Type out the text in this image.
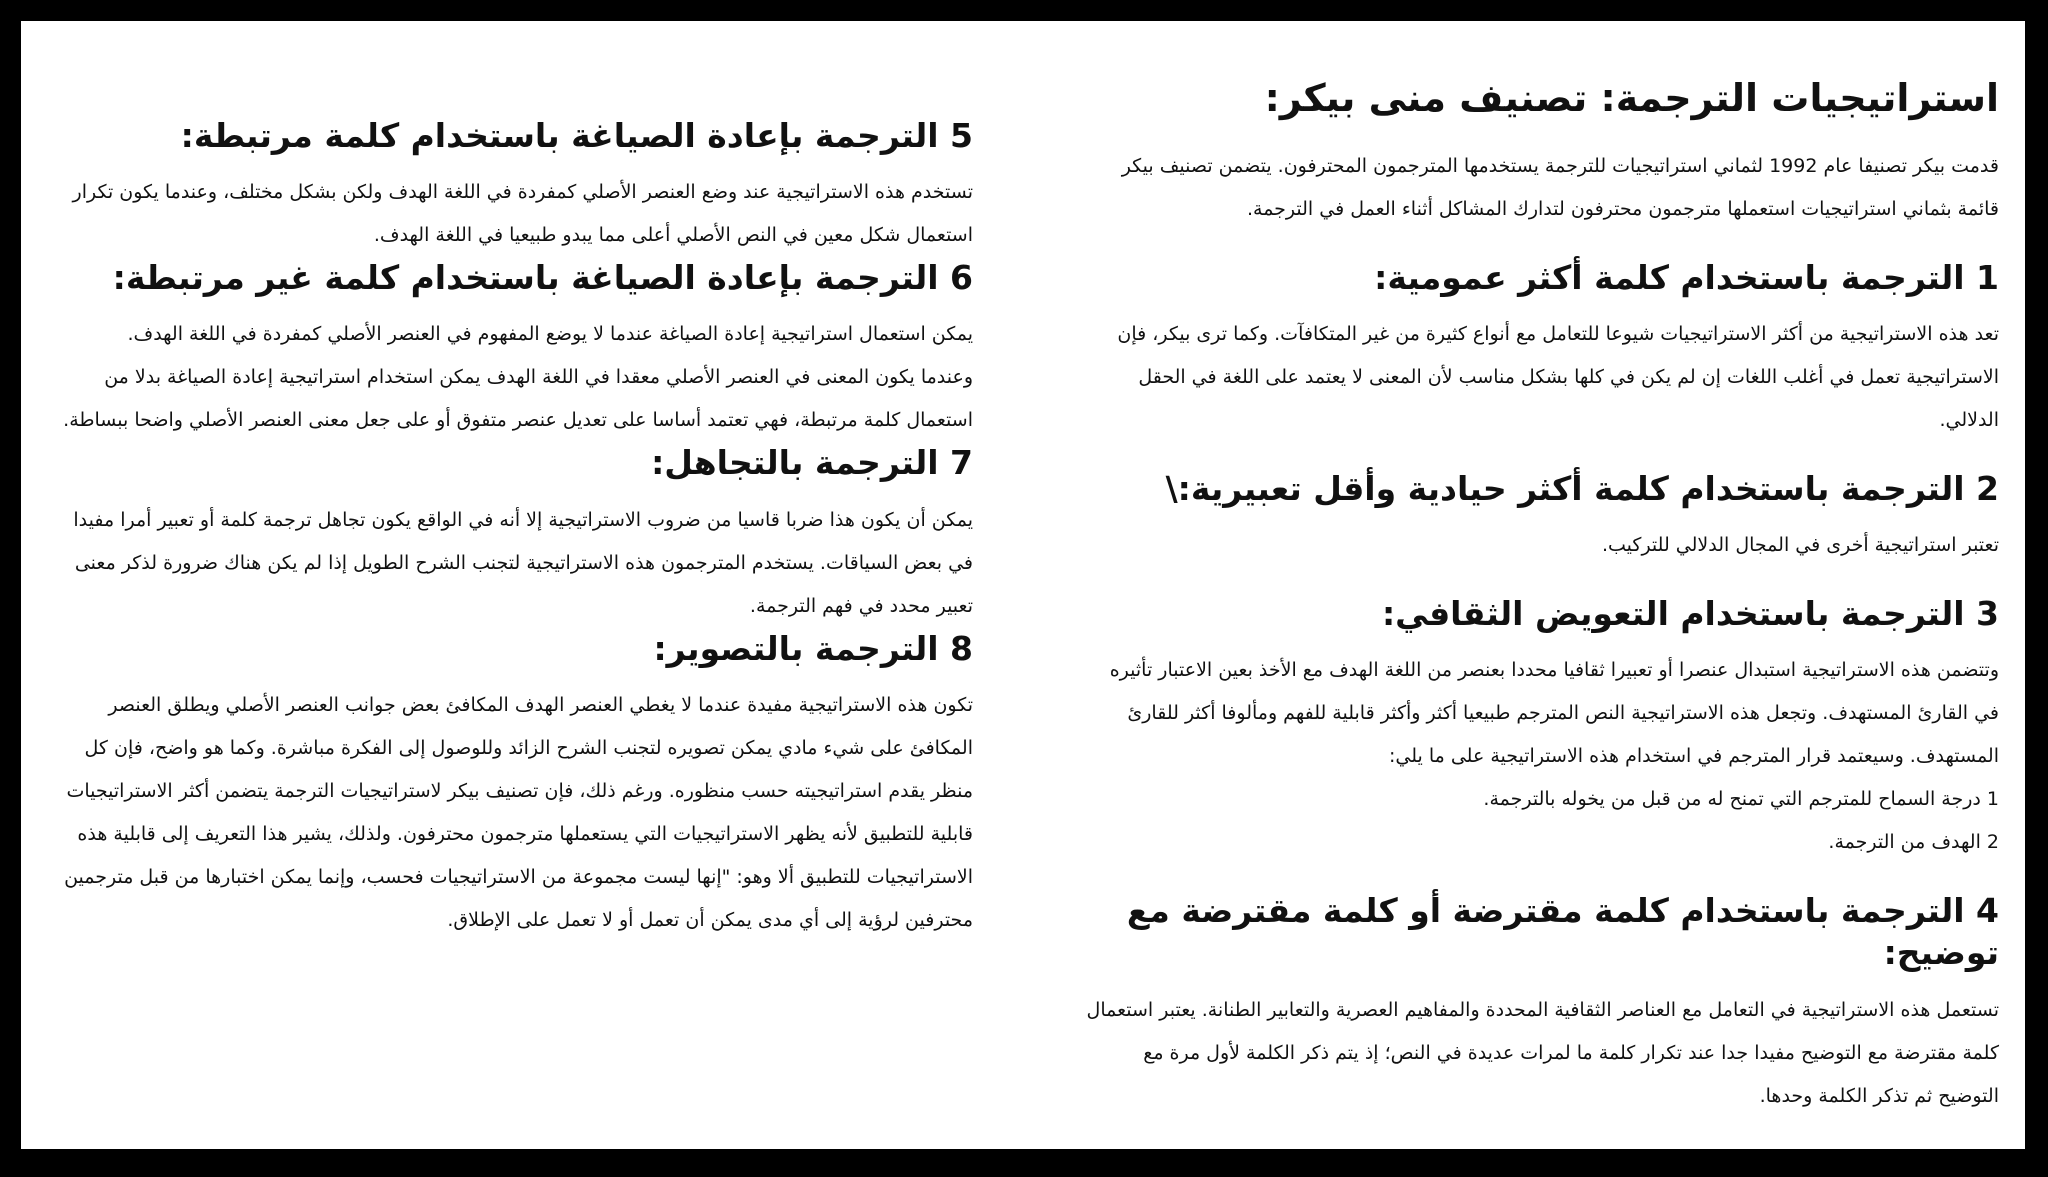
استراتيجيات الترجمة: تصنيف منى بيكر:

قدمت بيكر تصنيفا عام 1992 لثماني استراتيجيات للترجمة يستخدمها المترجمون المحترفون. يتضمن تصنيف بيكر قائمة بثماني استراتيجيات استعملها مترجمون محترفون لتدارك المشاكل أثناء العمل في الترجمة.

1 الترجمة باستخدام كلمة أكثر عمومية:

تعد هذه الاستراتيجية من أكثر الاستراتيجيات شيوعا للتعامل مع أنواع كثيرة من غير المتكافآت. وكما ترى بيكر، فإن الاستراتيجية تعمل في أغلب اللغات إن لم يكن في كلها بشكل مناسب لأن المعنى لا يعتمد على اللغة في الحقل الدلالي.

2 الترجمة باستخدام كلمة أكثر حيادية وأقل تعبيرية:\

تعتبر استراتيجية أخرى في المجال الدلالي للتركيب.

3 الترجمة باستخدام التعويض الثقافي:

وتتضمن هذه الاستراتيجية استبدال عنصرا أو تعبيرا ثقافيا محددا بعنصر من اللغة الهدف مع الأخذ بعين الاعتبار تأثيره في القارئ المستهدف. وتجعل هذه الاستراتيجية النص المترجم طبيعيا أكثر وأكثر قابلية للفهم ومألوفا أكثر للقارئ المستهدف. وسيعتمد قرار المترجم في استخدام هذه الاستراتيجية على ما يلي:

1 درجة السماح للمترجم التي تمنح له من قبل من يخوله بالترجمة.

2 الهدف من الترجمة.

4 الترجمة باستخدام كلمة مقترضة أو كلمة مقترضة مع توضيح:

تستعمل هذه الاستراتيجية في التعامل مع العناصر الثقافية المحددة والمفاهيم العصرية والتعابير الطنانة. يعتبر استعمال كلمة مقترضة مع التوضيح مفيدا جدا عند تكرار كلمة ما لمرات عديدة في النص؛ إذ يتم ذكر الكلمة لأول مرة مع التوضيح ثم تذكر الكلمة وحدها.

5 الترجمة بإعادة الصياغة باستخدام كلمة مرتبطة:

تستخدم هذه الاستراتيجية عند وضع العنصر الأصلي كمفردة في اللغة الهدف ولكن بشكل مختلف، وعندما يكون تكرار استعمال شكل معين في النص الأصلي أعلى مما يبدو طبيعيا في اللغة الهدف.

6 الترجمة بإعادة الصياغة باستخدام كلمة غير مرتبطة:

يمكن استعمال استراتيجية إعادة الصياغة عندما لا يوضع المفهوم في العنصر الأصلي كمفردة في اللغة الهدف.

وعندما يكون المعنى في العنصر الأصلي معقدا في اللغة الهدف يمكن استخدام استراتيجية إعادة الصياغة بدلا من استعمال كلمة مرتبطة، فهي تعتمد أساسا على تعديل عنصر متفوق أو على جعل معنى العنصر الأصلي واضحا ببساطة.

7 الترجمة بالتجاهل:

يمكن أن يكون هذا ضربا قاسيا من ضروب الاستراتيجية إلا أنه في الواقع يكون تجاهل ترجمة كلمة أو تعبير أمرا مفيدا في بعض السياقات. يستخدم المترجمون هذه الاستراتيجية لتجنب الشرح الطويل إذا لم يكن هناك ضرورة لذكر معنى تعبير محدد في فهم الترجمة.

8 الترجمة بالتصوير:

تكون هذه الاستراتيجية مفيدة عندما لا يغطي العنصر الهدف المكافئ بعض جوانب العنصر الأصلي ويطلق العنصر المكافئ على شيء مادي يمكن تصويره لتجنب الشرح الزائد وللوصول إلى الفكرة مباشرة. وكما هو واضح، فإن كل منظر يقدم استراتيجيته حسب منظوره. ورغم ذلك، فإن تصنيف بيكر لاستراتيجيات الترجمة يتضمن أكثر الاستراتيجيات قابلية للتطبيق لأنه يظهر الاستراتيجيات التي يستعملها مترجمون محترفون. ولذلك، يشير هذا التعريف إلى قابلية هذه الاستراتيجيات للتطبيق ألا وهو: "إنها ليست مجموعة من الاستراتيجيات فحسب، وإنما يمكن اختبارها من قبل مترجمين محترفين لرؤية إلى أي مدى يمكن أن تعمل أو لا تعمل على الإطلاق.
